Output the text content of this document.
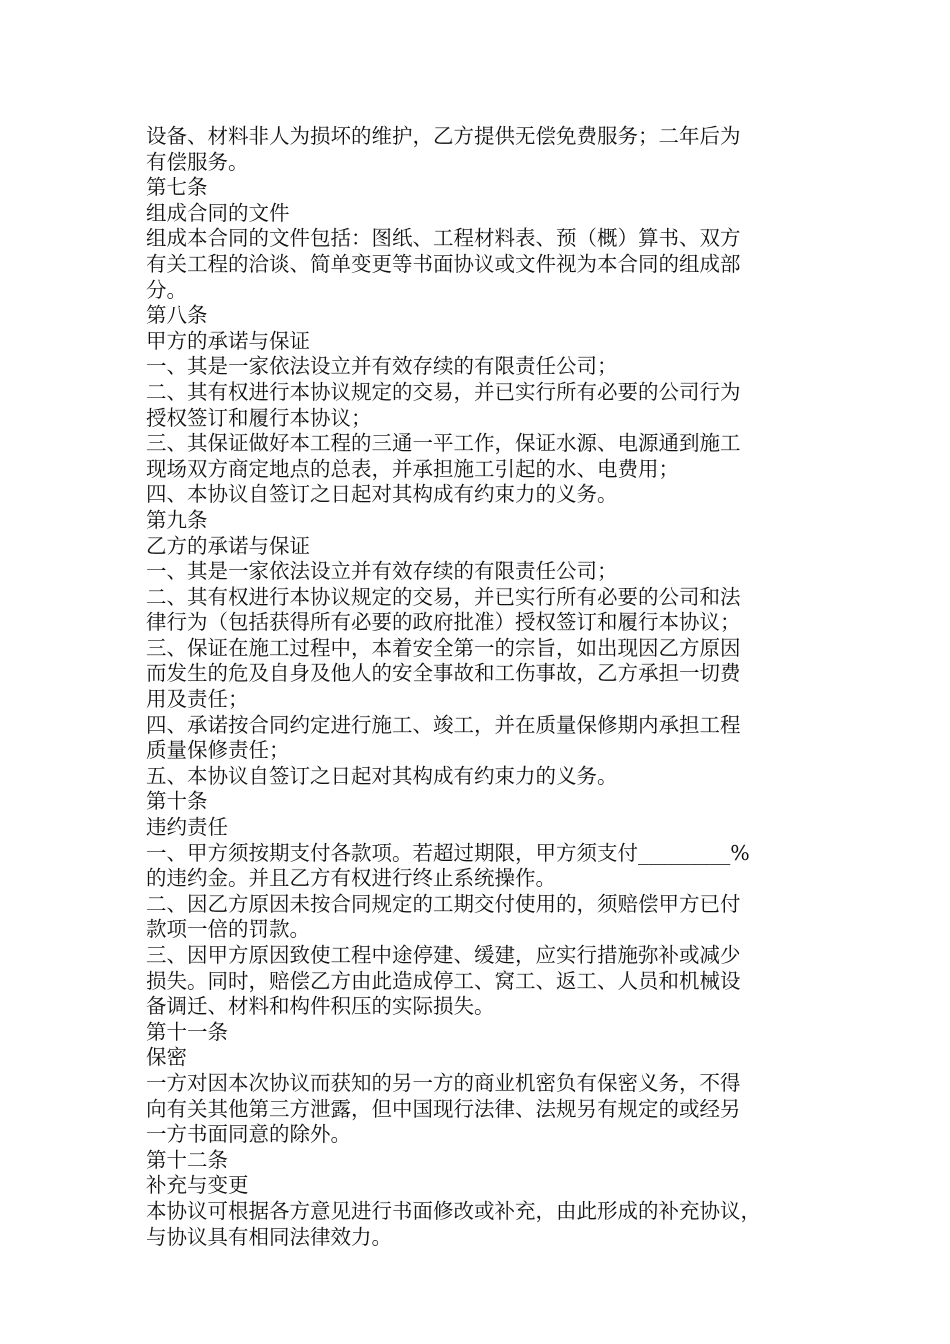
设备、材料非人为损坏的维护，乙方提供无偿免费服务；二年后为
有偿服务。
第七条
组成合同的文件
组成本合同的文件包括：图纸、工程材料表、预（概）算书、双方
有关工程的洽谈、简单变更等书面协议或文件视为本合同的组成部
分。
第八条
甲方的承诺与保证
一、其是一家依法设立并有效存续的有限责任公司；
二、其有权进行本协议规定的交易，并已实行所有必要的公司行为
授权签订和履行本协议；
三、其保证做好本工程的三通一平工作，保证水源、电源通到施工
现场双方商定地点的总表，并承担施工引起的水、电费用；
四、本协议自签订之日起对其构成有约束力的义务。
第九条
乙方的承诺与保证
一、其是一家依法设立并有效存续的有限责任公司；
二、其有权进行本协议规定的交易，并已实行所有必要的公司和法
律行为（包括获得所有必要的政府批准）授权签订和履行本协议；
三、保证在施工过程中，本着安全第一的宗旨，如出现因乙方原因
而发生的危及自身及他人的安全事故和工伤事故，乙方承担一切费
用及责任；
四、承诺按合同约定进行施工、竣工，并在质量保修期内承担工程
质量保修责任；
五、本协议自签订之日起对其构成有约束力的义务。
第十条
违约责任
一、甲方须按期支付各款项。若超过期限，甲方须支付_________%
的违约金。并且乙方有权进行终止系统操作。
二、因乙方原因未按合同规定的工期交付使用的，须赔偿甲方已付
款项一倍的罚款。
三、因甲方原因致使工程中途停建、缓建，应实行措施弥补或减少
损失。同时，赔偿乙方由此造成停工、窝工、返工、人员和机械设
备调迁、材料和构件积压的实际损失。
第十一条
保密
一方对因本次协议而获知的另一方的商业机密负有保密义务，不得
向有关其他第三方泄露，但中国现行法律、法规另有规定的或经另
一方书面同意的除外。
第十二条
补充与变更
本协议可根据各方意见进行书面修改或补充，由此形成的补充协议，
与协议具有相同法律效力。
